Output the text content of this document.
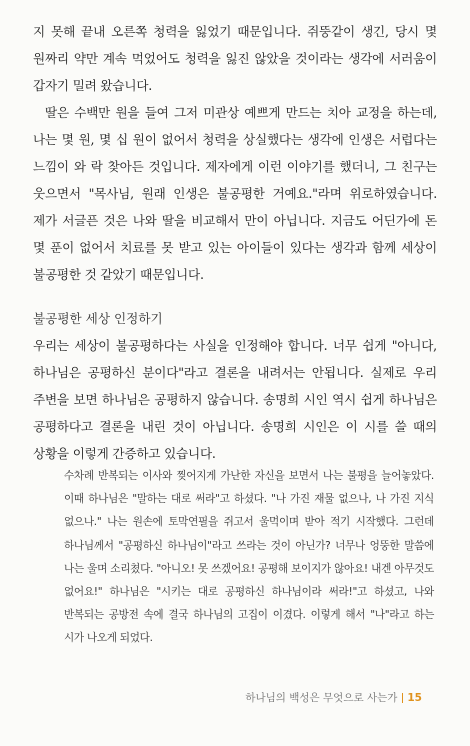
지 못해 끝내 오른쪽 청력을 잃었기 때문입니다. 쥐뚱같이 생긴, 당시 몇 원짜리 약만 계속 먹었어도 청력을 잃진 않았을 것이라는 생각에 서러움이 갑자기 밀려 왔습니다.

딸은 수백만 원을 들여 그저 미관상 예쁘게 만드는 치아 교정을 하는데, 나는 몇 원, 몇 십 원이 없어서 청력을 상실했다는 생각에 인생은 서럽다는 느낌이 와 락 찾아든 것입니다. 제자에게 이런 이야기를 했더니, 그 친구는 웃으면서 "목사님, 원래 인생은 불공평한 거예요."라며 위로하였습니다. 제가 서글픈 것은 나와 딸을 비교해서 만이 아닙니다. 지금도 어딘가에 돈 몇 푼이 없어서 치료를 못 받고 있는 아이들이 있다는 생각과 함께 세상이 불공평한 것 같았기 때문입니다.

불공평한 세상 인정하기

우리는 세상이 불공평하다는 사실을 인정해야 합니다. 너무 쉽게 "아니다, 하나님은 공평하신 분이다"라고 결론을 내려서는 안됩니다. 실제로 우리 주변을 보면 하나님은 공평하지 않습니다. 송명희 시인 역시 쉽게 하나님은 공평하다고 결론을 내린 것이 아닙니다. 송명희 시인은 이 시를 쓸 때의 상황을 이렇게 간증하고 있습니다.

수차례 반복되는 이사와 찢어지게 가난한 자신을 보면서 나는 불평을 늘어놓았다. 이때 하나님은 "말하는 대로 써라"고 하셨다. "나 가진 재물 없으나, 나 가진 지식 없으나." 나는 원손에 토막연필을 쥐고서 울먹이며 받아 적기 시작했다. 그런데 하나님께서 "공평하신 하나님이"라고 쓰라는 것이 아닌가? 너무나 엉뚱한 말씀에 나는 울며 소리쳤다. "아니오! 못 쓰겠어요! 공평해 보이지가 않아요! 내겐 아무것도 없어요!" 하나님은 "시키는 대로 공평하신 하나님이라 써라!"고 하셨고, 나와 반복되는 공방전 속에 결국 하나님의 고집이 이겼다. 이렇게 해서 "나"라고 하는 시가 나오게 되었다.

하나님의 백성은 무엇으로 사는가 15
